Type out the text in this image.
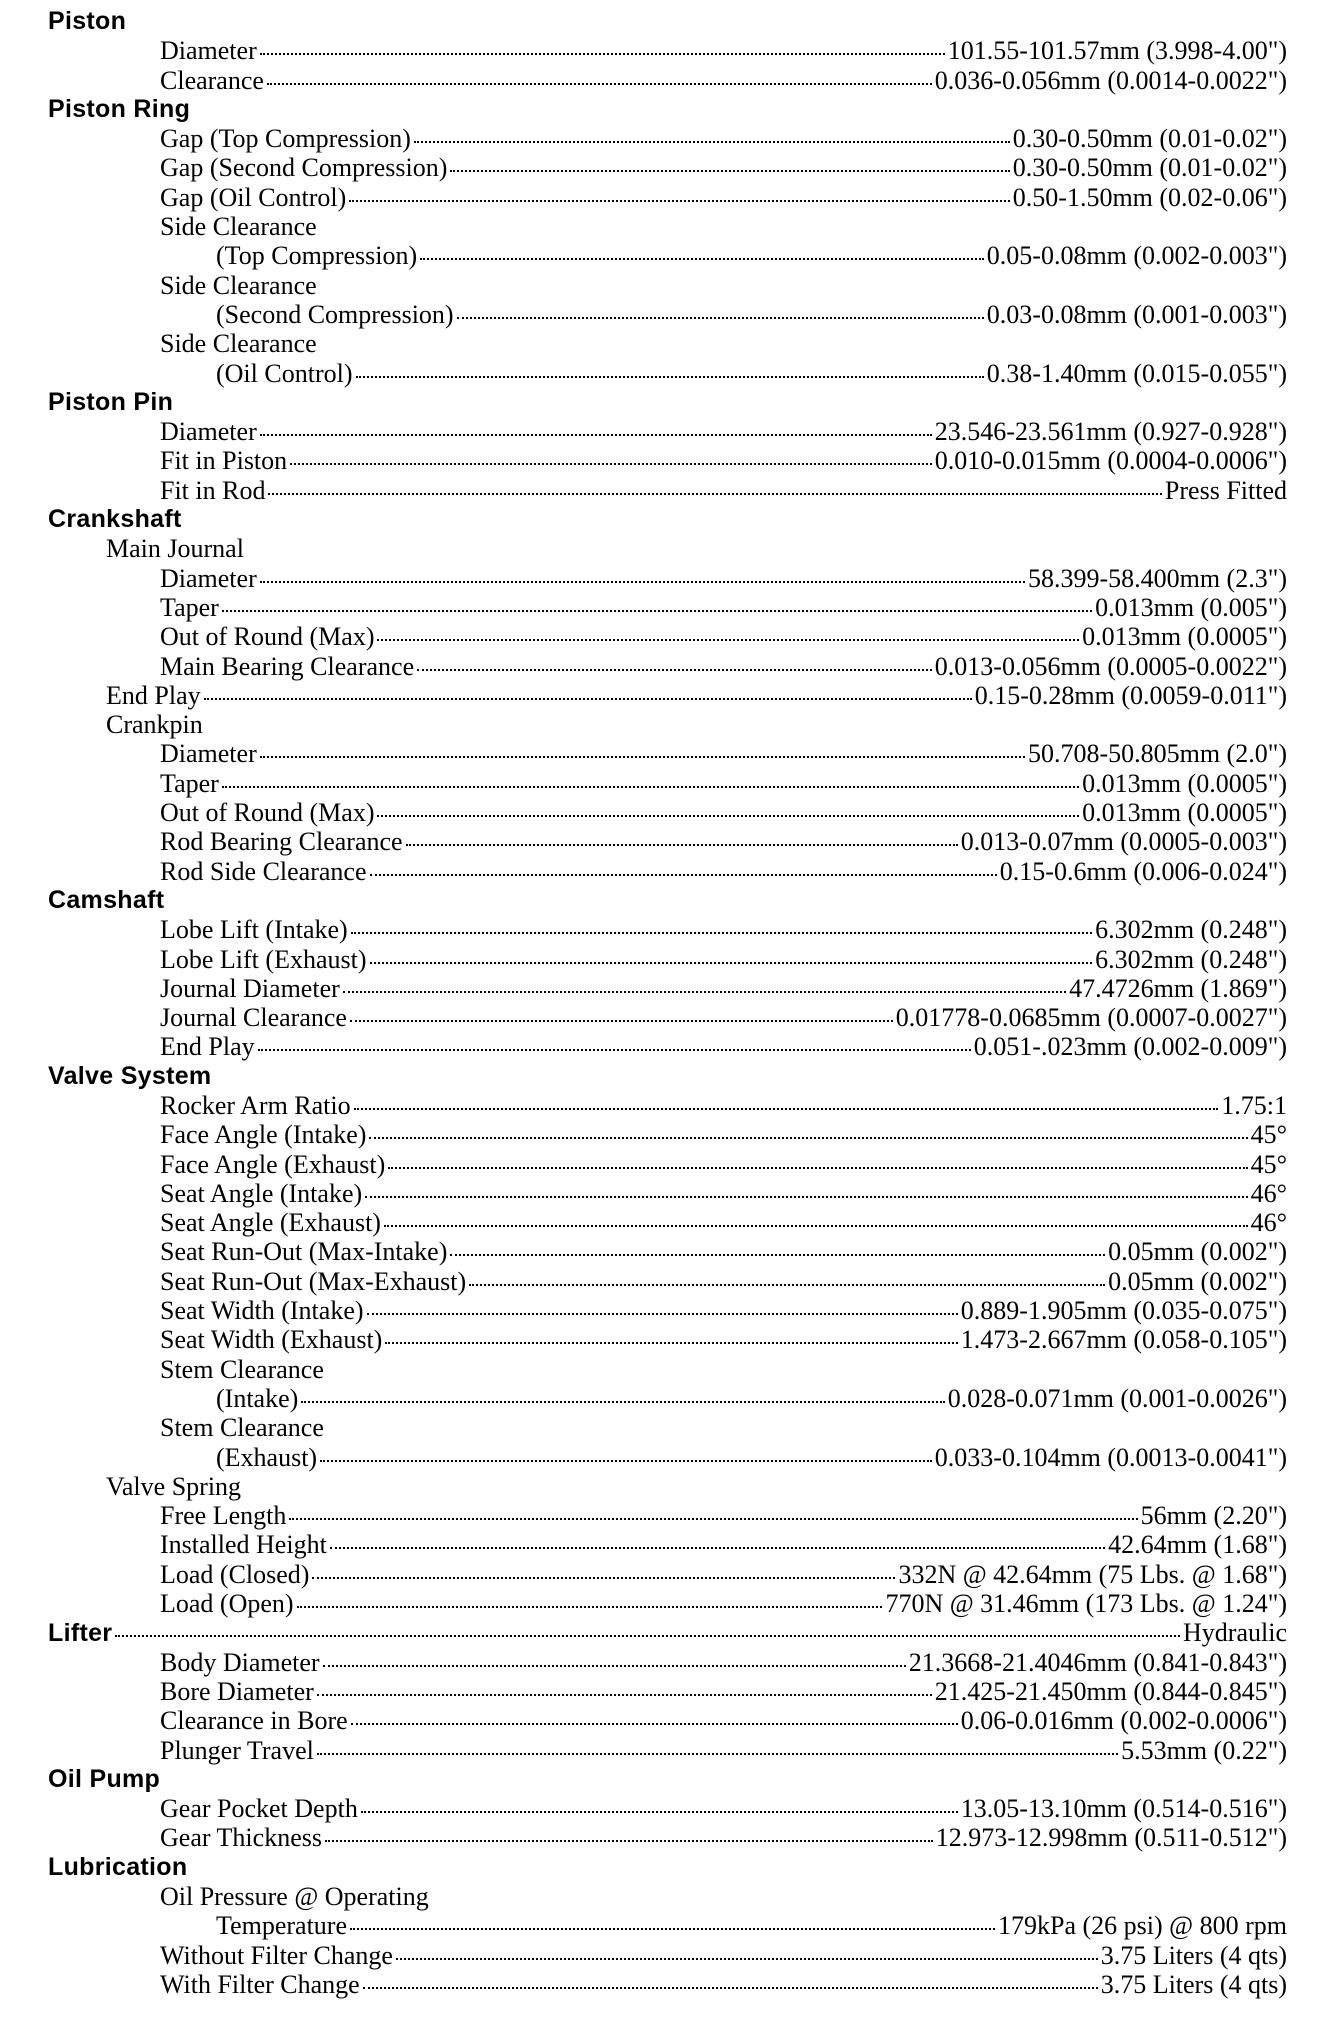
Piston
Diameter	101.55-101.57mm (3.998-4.00")
Clearance	0.036-0.056mm (0.0014-0.0022")
Piston Ring
Gap (Top Compression)	0.30-0.50mm (0.01-0.02")
Gap (Second Compression)	0.30-0.50mm (0.01-0.02")
Gap (Oil Control)	0.50-1.50mm (0.02-0.06")
Side Clearance
(Top Compression)	0.05-0.08mm (0.002-0.003")
Side Clearance
(Second Compression)	0.03-0.08mm (0.001-0.003")
Side Clearance
(Oil Control)	0.38-1.40mm (0.015-0.055")
Piston Pin
Diameter	23.546-23.561mm (0.927-0.928")
Fit in Piston	0.010-0.015mm (0.0004-0.0006")
Fit in Rod	Press Fitted
Crankshaft
Main Journal
Diameter	58.399-58.400mm (2.3")
Taper	0.013mm (0.005")
Out of Round (Max)	0.013mm (0.0005")
Main Bearing Clearance	0.013-0.056mm (0.0005-0.0022")
End Play	0.15-0.28mm (0.0059-0.011")
Crankpin
Diameter	50.708-50.805mm (2.0")
Taper	0.013mm (0.0005")
Out of Round (Max)	0.013mm (0.0005")
Rod Bearing Clearance	0.013-0.07mm (0.0005-0.003")
Rod Side Clearance	0.15-0.6mm (0.006-0.024")
Camshaft
Lobe Lift (Intake)	6.302mm (0.248")
Lobe Lift (Exhaust)	6.302mm (0.248")
Journal Diameter	47.4726mm (1.869")
Journal Clearance	0.01778-0.0685mm (0.0007-0.0027")
End Play	0.051-.023mm (0.002-0.009")
Valve System
Rocker Arm Ratio	1.75:1
Face Angle (Intake)	45°
Face Angle (Exhaust)	45°
Seat Angle (Intake)	46°
Seat Angle (Exhaust)	46°
Seat Run-Out (Max-Intake)	0.05mm (0.002")
Seat Run-Out (Max-Exhaust)	0.05mm (0.002")
Seat Width (Intake)	0.889-1.905mm (0.035-0.075")
Seat Width (Exhaust)	1.473-2.667mm (0.058-0.105")
Stem Clearance
(Intake)	0.028-0.071mm (0.001-0.0026")
Stem Clearance
(Exhaust)	0.033-0.104mm (0.0013-0.0041")
Valve Spring
Free Length	56mm (2.20")
Installed Height	42.64mm (1.68")
Load (Closed)	332N @ 42.64mm (75 Lbs. @ 1.68")
Load (Open)	770N @ 31.46mm (173 Lbs. @ 1.24")
Lifter	Hydraulic
Body Diameter	21.3668-21.4046mm (0.841-0.843")
Bore Diameter	21.425-21.450mm (0.844-0.845")
Clearance in Bore	0.06-0.016mm (0.002-0.0006")
Plunger Travel	5.53mm (0.22")
Oil Pump
Gear Pocket Depth	13.05-13.10mm (0.514-0.516")
Gear Thickness	12.973-12.998mm (0.511-0.512")
Lubrication
Oil Pressure @ Operating
Temperature	179kPa (26 psi) @ 800 rpm
Without Filter Change	3.75 Liters (4 qts)
With Filter Change	3.75 Liters (4 qts)
